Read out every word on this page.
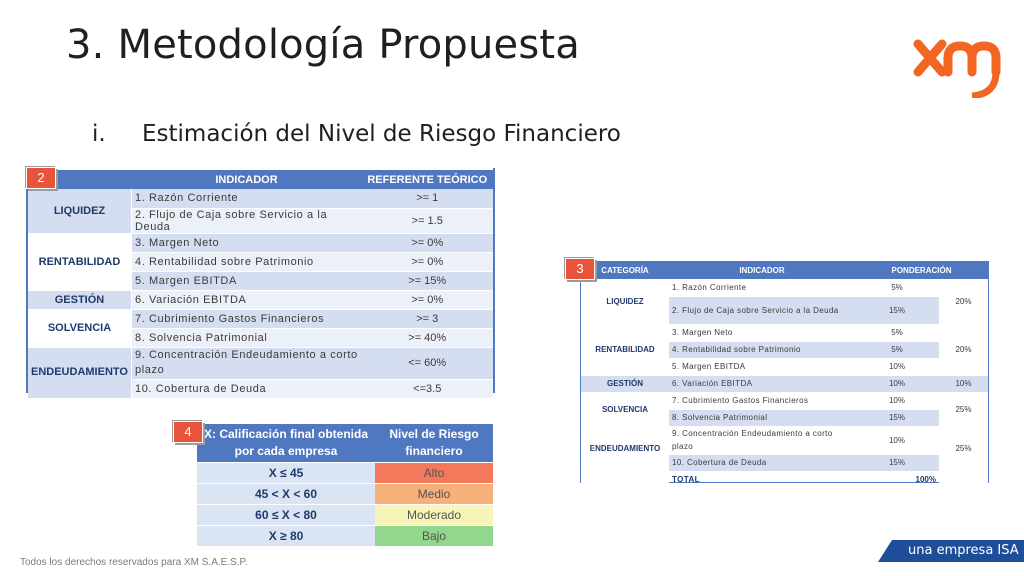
3. Metodología Propuesta
i. Estimación del Nivel de Riesgo Financiero
2
		INDICADOR	REFERENTE TEÓRICO
LIQUIDEZ	1. Razón Corriente	>= 1
	2. Flujo de Caja sobre Servicio a la Deuda	>= 1.5
RENTABILIDAD	3. Margen Neto	>= 0%
	4. Rentabilidad sobre Patrimonio	>= 0%
	5. Margen EBITDA	>= 15%
GESTIÓN	6. Variación EBITDA	>= 0%
SOLVENCIA	7. Cubrimiento Gastos Financieros	>= 3
	8. Solvencia Patrimonial	>= 40%
ENDEUDAMIENTO	9. Concentración Endeudamiento a corto plazo	<= 60%
	10. Cobertura de Deuda	<=3.5
4	X: Calificación final obtenida por cada empresa	Nivel de Riesgo financiero
X ≤ 45	Alto
45 < X < 60	Medio
60 ≤ X < 80	Moderado
X ≥ 80	Bajo
3	CATEGORÍA	INDICADOR	PONDERACIÓN	
LIQUIDEZ	1. Razón Corriente	5%	20%
	2. Flujo de Caja sobre Servicio a la Deuda	15%	
RENTABILIDAD	3. Margen Neto	5%	20%
	4. Rentabilidad sobre Patrimonio	5%	
	5. Margen EBITDA	10%	
GESTIÓN	6. Variación EBITDA	10%	10%
SOLVENCIA	7. Cubrimiento Gastos Financieros	10%	25%
	8. Solvencia Patrimonial	15%	
ENDEUDAMIENTO	9. Concentración Endeudamiento a corto plazo	10%	25%
	10. Cobertura de Deuda	15%	
	TOTAL	100%	
Todos los derechos reservados para XM S.A.E.S.P.
una empresa ISA
